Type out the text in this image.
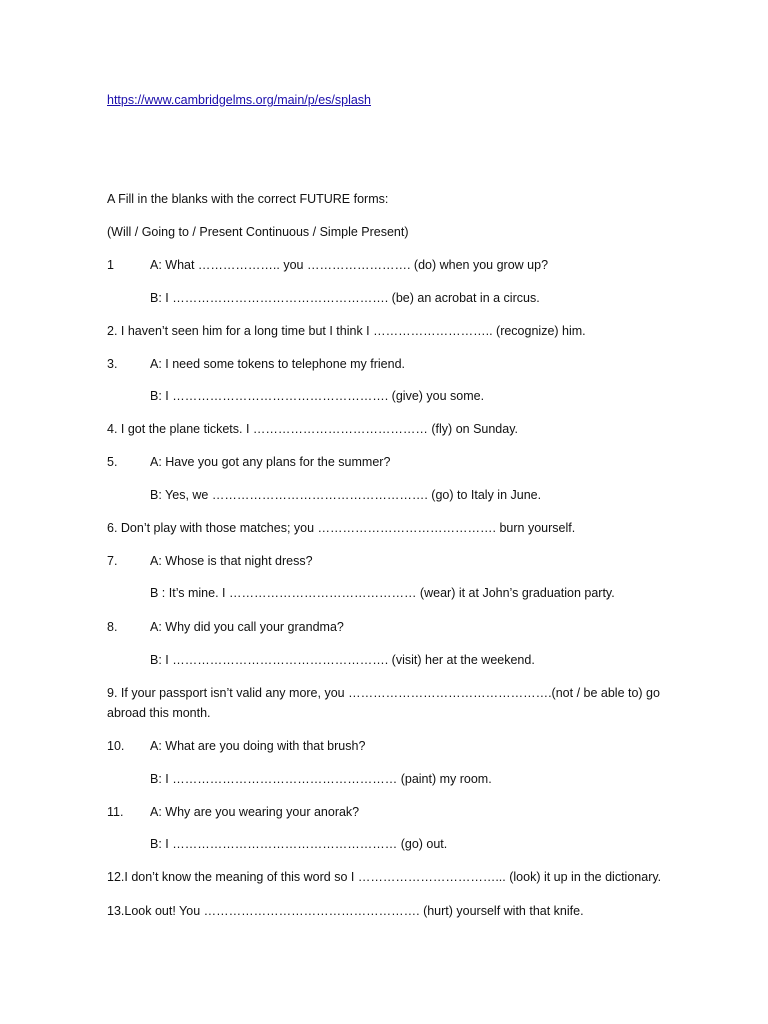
https://www.cambridgelms.org/main/p/es/splash
A Fill in the blanks with the correct FUTURE forms:
(Will / Going to / Present Continuous / Simple Present)
1	A: What ……………….. you ……………………. (do) when you grow up?
B: I ……………………………………………. (be) an acrobat in a circus.
2. I haven’t seen him for a long time but I think I ……………………….. (recognize) him.
3.	A: I need some tokens to telephone my friend.
B: I ……………………………………………. (give) you some.
4. I got the plane tickets. I …………………………………… (fly) on Sunday.
5.	A: Have you got any plans for the summer?
B: Yes, we ……………………………………………. (go) to Italy in June.
6. Don’t play with those matches; you ……………………………………. burn yourself.
7.	A: Whose is that night dress?
B : It’s mine. I ……………………………………… (wear) it at John’s graduation party.
8.	A: Why did you call your grandma?
B: I ……………………………………………. (visit) her at the weekend.
9. If your passport isn’t valid any more, you ………………………………………….(not / be able to) go
abroad this month.
10. A: What are you doing with that brush?
B: I ……………………………………………… (paint) my room.
11. A: Why are you wearing your anorak?
B: I ……………………………………………… (go) out.
12.I don’t know the meaning of this word so I ……………………………... (look) it up in the dictionary.
13.Look out! You ……………………………………………. (hurt) yourself with that knife.
